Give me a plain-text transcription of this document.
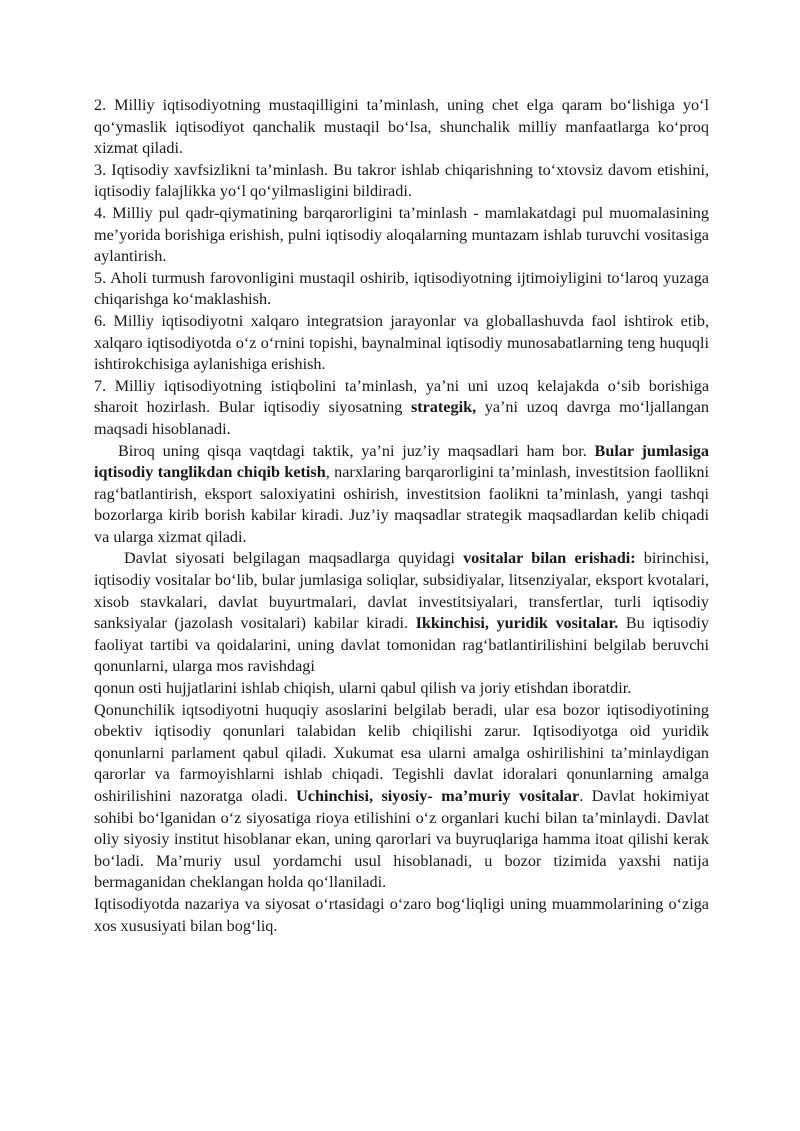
2. Milliy iqtisodiyotning mustaqilligini ta’minlash, uning chet elga qaram bo‘lishiga yo‘l qo‘ymaslik iqtisodiyot qanchalik mustaqil bo‘lsa, shunchalik milliy manfaatlarga ko‘proq xizmat qiladi.

3. Iqtisodiy xavfsizlikni ta’minlash. Bu takror ishlab chiqarishning to‘xtovsiz davom etishini, iqtisodiy falajlikka yo‘l qo‘yilmasligini bildiradi.

4. Milliy pul qadr-qiymatining barqarorligini ta’minlash - mamlakatdagi pul muomalasining me’yorida borishiga erishish, pulni iqtisodiy aloqalarning muntazam ishlab turuvchi vositasiga aylantirish.

5. Aholi turmush farovonligini mustaqil oshirib, iqtisodiyotning ijtimoiyligini to‘laroq yuzaga chiqarishga ko‘maklashish.

6. Milliy iqtisodiyotni xalqaro integratsion jarayonlar va globallashuvda faol ishtirok etib, xalqaro iqtisodiyotda o‘z o‘rnini topishi, baynalminal iqtisodiy munosabatlarning teng huquqli ishtirokchisiga aylanishiga erishish.

7. Milliy iqtisodiyotning istiqbolini ta’minlash, ya’ni uni uzoq kelajakda o‘sib borishiga sharoit hozirlash. Bular iqtisodiy siyosatning strategik, ya’ni uzoq davrga mo‘ljallangan maqsadi hisoblanadi.

Biroq uning qisqa vaqtdagi taktik, ya’ni juz’iy maqsadlari ham bor. Bular jumlasiga iqtisodiy tanglikdan chiqib ketish, narxlaring barqarorligini ta’minlash, investitsion faollikni rag‘batlantirish, eksport saloxiyatini oshirish, investitsion faolikni ta’minlash, yangi tashqi bozorlarga kirib borish kabilar kiradi. Juz’iy maqsadlar strategik maqsadlardan kelib chiqadi va ularga xizmat qiladi.

Davlat siyosati belgilagan maqsadlarga quyidagi vositalar bilan erishadi: birinchisi, iqtisodiy vositalar bo‘lib, bular jumlasiga soliqlar, subsidiyalar, litsenziyalar, eksport kvotalari, xisob stavkalari, davlat buyurtmalari, davlat investitsiyalari, transfertlar, turli iqtisodiy sanksiyalar (jazolash vositalari) kabilar kiradi. Ikkinchisi, yuridik vositalar. Bu iqtisodiy faoliyat tartibi va qoidalarini, uning davlat tomonidan rag‘batlantirilishini belgilab beruvchi qonunlarni, ularga mos ravishdagi

qonun osti hujjatlarini ishlab chiqish, ularni qabul qilish va joriy etishdan iboratdir.

Qonunchilik iqtsodiyotni huquqiy asoslarini belgilab beradi, ular esa bozor iqtisodiyotining obektiv iqtisodiy qonunlari talabidan kelib chiqilishi zarur. Iqtisodiyotga oid yuridik qonunlarni parlament qabul qiladi. Xukumat esa ularni amalga oshirilishini ta’minlaydigan qarorlar va farmoyishlarni ishlab chiqadi. Tegishli davlat idoralari qonunlarning amalga oshirilishini nazoratga oladi. Uchinchisi, siyosiy- ma’muriy vositalar. Davlat hokimiyat sohibi bo‘lganidan o‘z siyosatiga rioya etilishini o‘z organlari kuchi bilan ta’minlaydi. Davlat oliy siyosiy institut hisoblanar ekan, uning qarorlari va buyruqlariga hamma itoat qilishi kerak bo‘ladi. Ma’muriy usul yordamchi usul hisoblanadi, u bozor tizimida yaxshi natija bermaganidan cheklangan holda qo‘llaniladi.

Iqtisodiyotda nazariya va siyosat o‘rtasidagi o‘zaro bog‘liqligi uning muammolarining o‘ziga xos xususiyati bilan bog‘liq.
